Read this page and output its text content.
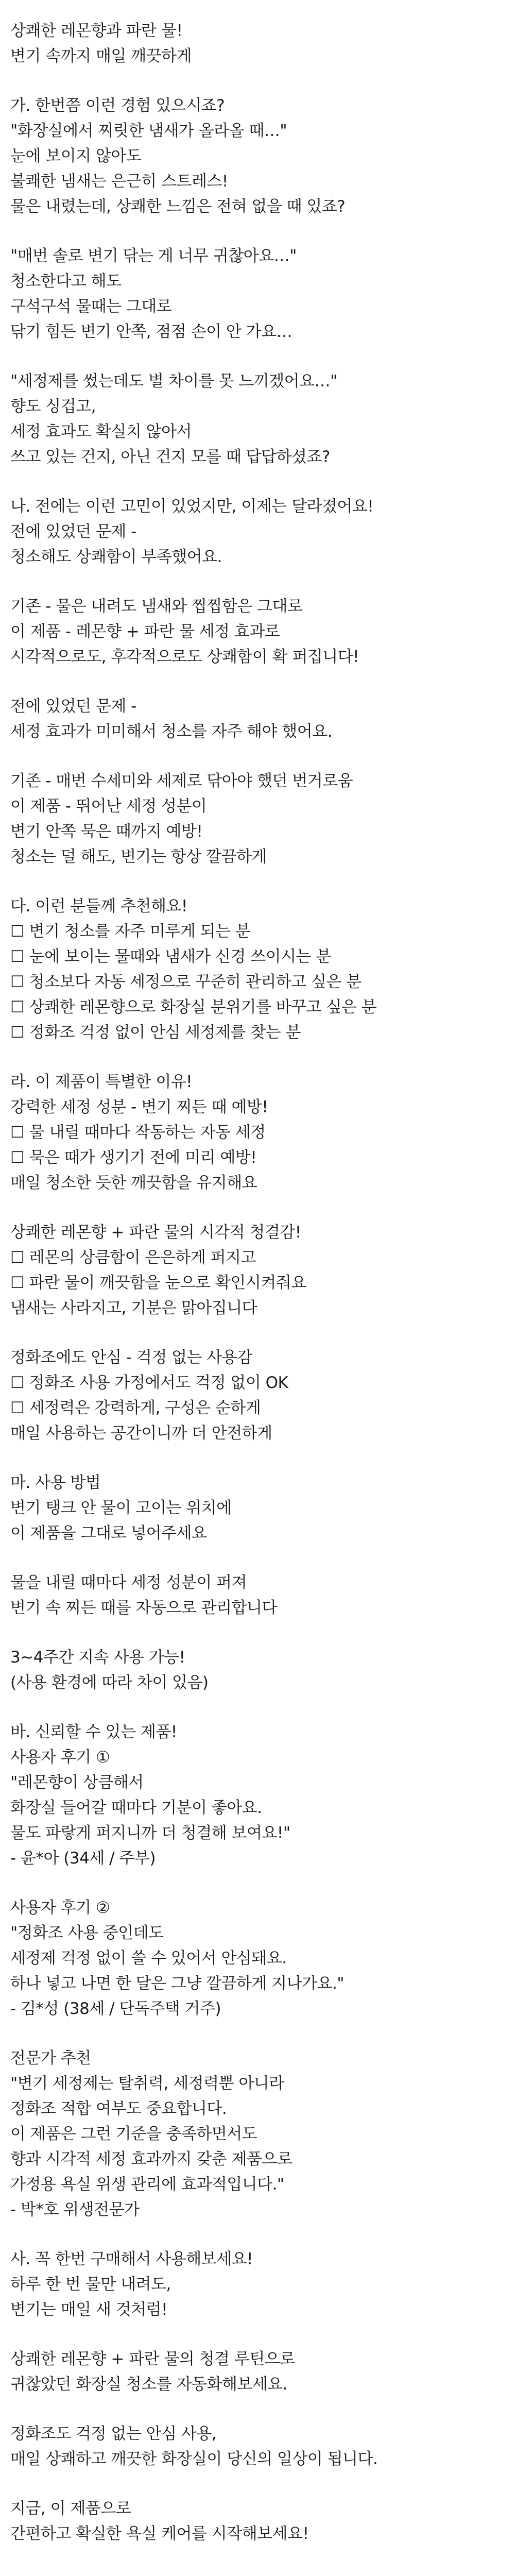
상쾌한 레몬향과 파란 물!
변기 속까지 매일 깨끗하게
가. 한번쯤 이런 경험 있으시죠?
"화장실에서 찌릿한 냄새가 올라올 때…"
눈에 보이지 않아도
불쾌한 냄새는 은근히 스트레스!
물은 내렸는데, 상쾌한 느낌은 전혀 없을 때 있죠?
"매번 솔로 변기 닦는 게 너무 귀찮아요…"
청소한다고 해도
구석구석 물때는 그대로
닦기 힘든 변기 안쪽, 점점 손이 안 가요…
"세정제를 썼는데도 별 차이를 못 느끼겠어요…"
향도 싱겁고,
세정 효과도 확실치 않아서
쓰고 있는 건지, 아닌 건지 모를 때 답답하셨죠?
나. 전에는 이런 고민이 있었지만, 이제는 달라졌어요!
전에 있었던 문제 -
청소해도 상쾌함이 부족했어요.
기존 - 물은 내려도 냄새와 찝찝함은 그대로
이 제품 - 레몬향 + 파란 물 세정 효과로
시각적으로도, 후각적으로도 상쾌함이 확 퍼집니다!
전에 있었던 문제 -
세정 효과가 미미해서 청소를 자주 해야 했어요.
기존 - 매번 수세미와 세제로 닦아야 했던 번거로움
이 제품 - 뛰어난 세정 성분이
변기 안쪽 묵은 때까지 예방!
청소는 덜 해도, 변기는 항상 깔끔하게
다. 이런 분들께 추천해요!
☐ 변기 청소를 자주 미루게 되는 분
☐ 눈에 보이는 물때와 냄새가 신경 쓰이시는 분
☐ 청소보다 자동 세정으로 꾸준히 관리하고 싶은 분
☐ 상쾌한 레몬향으로 화장실 분위기를 바꾸고 싶은 분
☐ 정화조 걱정 없이 안심 세정제를 찾는 분
라. 이 제품이 특별한 이유!
강력한 세정 성분 - 변기 찌든 때 예방!
☐ 물 내릴 때마다 작동하는 자동 세정
☐ 묵은 때가 생기기 전에 미리 예방!
매일 청소한 듯한 깨끗함을 유지해요
상쾌한 레몬향 + 파란 물의 시각적 청결감!
☐ 레몬의 상큼함이 은은하게 퍼지고
☐ 파란 물이 깨끗함을 눈으로 확인시켜줘요
냄새는 사라지고, 기분은 맑아집니다
정화조에도 안심 - 걱정 없는 사용감
☐ 정화조 사용 가정에서도 걱정 없이 OK
☐ 세정력은 강력하게, 구성은 순하게
매일 사용하는 공간이니까 더 안전하게
마. 사용 방법
변기 탱크 안 물이 고이는 위치에
이 제품을 그대로 넣어주세요
물을 내릴 때마다 세정 성분이 퍼져
변기 속 찌든 때를 자동으로 관리합니다
3~4주간 지속 사용 가능!
(사용 환경에 따라 차이 있음)
바. 신뢰할 수 있는 제품!
사용자 후기 ①
"레몬향이 상큼해서
화장실 들어갈 때마다 기분이 좋아요.
물도 파랗게 퍼지니까 더 청결해 보여요!"
- 윤*아 (34세 / 주부)
사용자 후기 ②
"정화조 사용 중인데도
세정제 걱정 없이 쓸 수 있어서 안심돼요.
하나 넣고 나면 한 달은 그냥 깔끔하게 지나가요."
- 김*성 (38세 / 단독주택 거주)
전문가 추천
"변기 세정제는 탈취력, 세정력뿐 아니라
정화조 적합 여부도 중요합니다.
이 제품은 그런 기준을 충족하면서도
향과 시각적 세정 효과까지 갖춘 제품으로
가정용 욕실 위생 관리에 효과적입니다."
- 박*호 위생전문가
사. 꼭 한번 구매해서 사용해보세요!
하루 한 번 물만 내려도,
변기는 매일 새 것처럼!
상쾌한 레몬향 + 파란 물의 청결 루틴으로
귀찮았던 화장실 청소를 자동화해보세요.
정화조도 걱정 없는 안심 사용,
매일 상쾌하고 깨끗한 화장실이 당신의 일상이 됩니다.
지금, 이 제품으로
간편하고 확실한 욕실 케어를 시작해보세요!
